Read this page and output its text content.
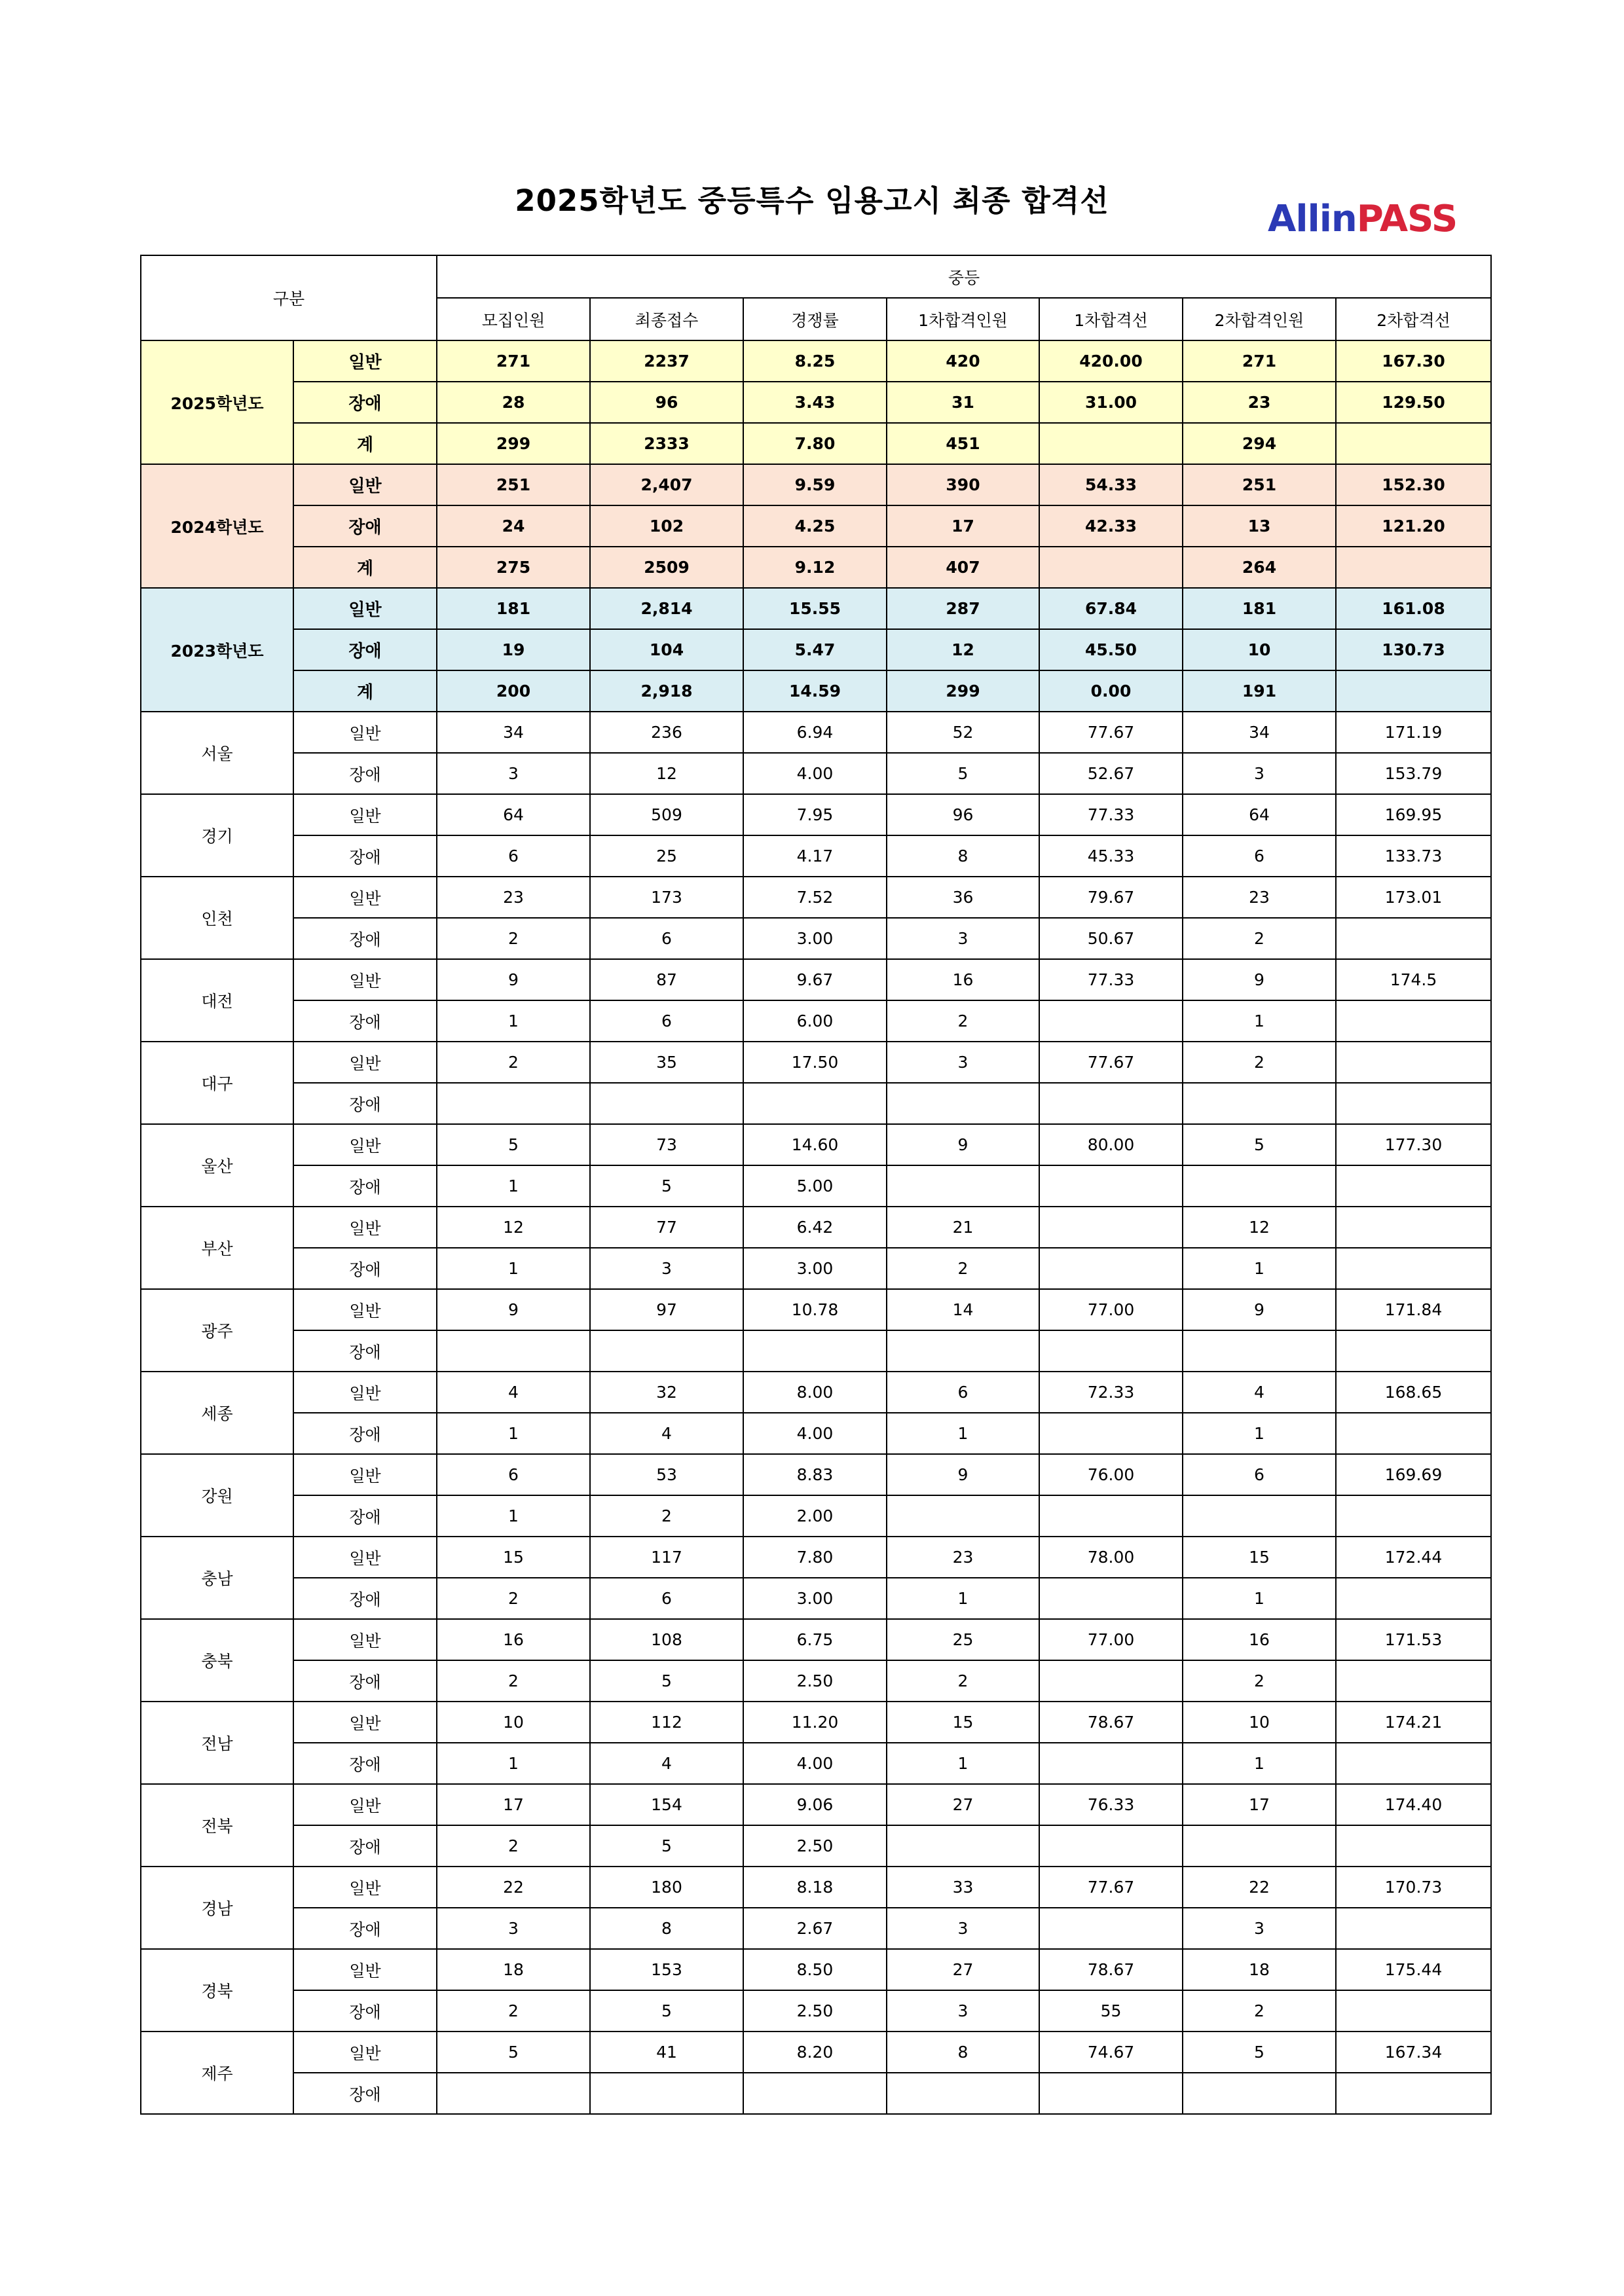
2025학년도 중등특수 임용고시 최종 합격선	AllinPASS
구분		중등						
		모집인원	최종접수	경쟁률	1차합격인원	1차합격선	2차합격인원	2차합격선
2025학년도	일반	271	2237	8.25	420	420.00	271	167.30
	장애	28	96	3.43	31	31.00	23	129.50
	계	299	2333	7.80	451		294	
2024학년도	일반	251	2,407	9.59	390	54.33	251	152.30
	장애	24	102	4.25	17	42.33	13	121.20
	계	275	2509	9.12	407		264	
2023학년도	일반	181	2,814	15.55	287	67.84	181	161.08
	장애	19	104	5.47	12	45.50	10	130.73
	계	200	2,918	14.59	299	0.00	191	
서울	일반	34	236	6.94	52	77.67	34	171.19
	장애	3	12	4.00	5	52.67	3	153.79
경기	일반	64	509	7.95	96	77.33	64	169.95
	장애	6	25	4.17	8	45.33	6	133.73
인천	일반	23	173	7.52	36	79.67	23	173.01
	장애	2	6	3.00	3	50.67	2	
대전	일반	9	87	9.67	16	77.33	9	174.5
	장애	1	6	6.00	2		1	
대구	일반	2	35	17.50	3	77.67	2	
	장애							
울산	일반	5	73	14.60	9	80.00	5	177.30
	장애	1	5	5.00				
부산	일반	12	77	6.42	21		12	
	장애	1	3	3.00	2		1	
광주	일반	9	97	10.78	14	77.00	9	171.84
	장애							
세종	일반	4	32	8.00	6	72.33	4	168.65
	장애	1	4	4.00	1		1	
강원	일반	6	53	8.83	9	76.00	6	169.69
	장애	1	2	2.00				
충남	일반	15	117	7.80	23	78.00	15	172.44
	장애	2	6	3.00	1		1	
충북	일반	16	108	6.75	25	77.00	16	171.53
	장애	2	5	2.50	2		2	
전남	일반	10	112	11.20	15	78.67	10	174.21
	장애	1	4	4.00	1		1	
전북	일반	17	154	9.06	27	76.33	17	174.40
	장애	2	5	2.50				
경남	일반	22	180	8.18	33	77.67	22	170.73
	장애	3	8	2.67	3		3	
경북	일반	18	153	8.50	27	78.67	18	175.44
	장애	2	5	2.50	3	55	2	
제주	일반	5	41	8.20	8	74.67	5	167.34
	장애							
